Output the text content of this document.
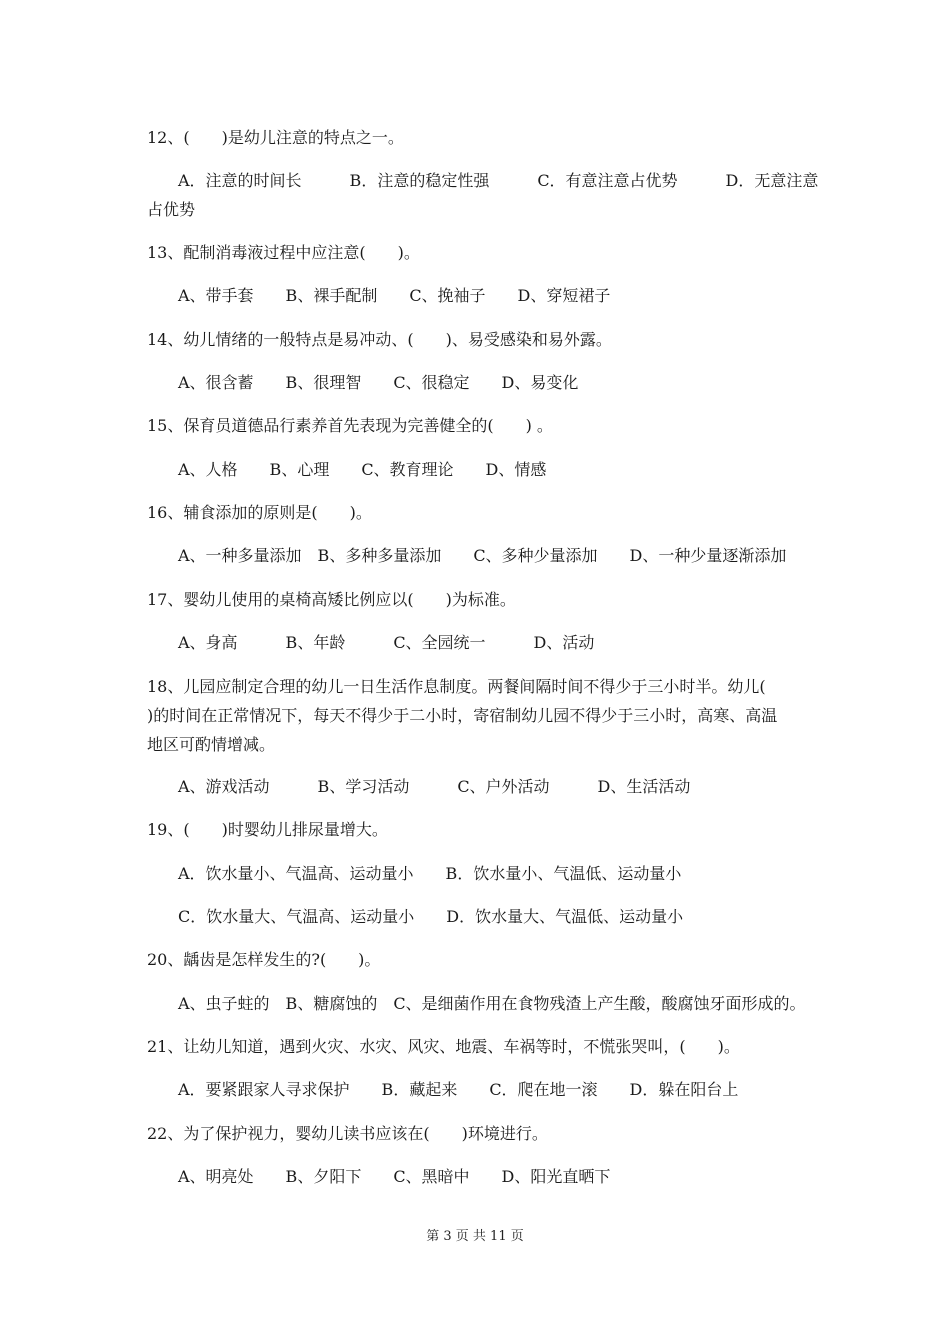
12、(　　)是幼儿注意的特点之一。
A．注意的时间长　　　B．注意的稳定性强　　　C．有意注意占优势　　　D．无意注意
占优势
13、配制消毒液过程中应注意(　　)。
A、带手套　　B、裸手配制　　C、挽袖子　　D、穿短裙子
14、幼儿情绪的一般特点是易冲动、(　　)、易受感染和易外露。
A、很含蓄　　B、很理智　　C、很稳定　　D、易变化
15、保育员道德品行素养首先表现为完善健全的(　　) 。
A、人格　　B、心理　　C、教育理论　　D、情感
16、辅食添加的原则是(　　)。
A、一种多量添加　B、多种多量添加　　C、多种少量添加　　D、一种少量逐渐添加
17、婴幼儿使用的桌椅高矮比例应以(　　)为标准。
A、身高　　　B、年龄　　　C、全园统一　　　D、活动
18、儿园应制定合理的幼儿一日生活作息制度。两餐间隔时间不得少于三小时半。幼儿(
)的时间在正常情况下，每天不得少于二小时，寄宿制幼儿园不得少于三小时，高寒、高温
地区可酌情增减。
A、游戏活动　　　B、学习活动　　　C、户外活动　　　D、生活活动
19、(　　)时婴幼儿排尿量增大。
A．饮水量小、气温高、运动量小　　B．饮水量小、气温低、运动量小
C．饮水量大、气温高、运动量小　　D．饮水量大、气温低、运动量小
20、龋齿是怎样发生的?(　　)。
A、虫子蛀的　B、糖腐蚀的　C、是细菌作用在食物残渣上产生酸，酸腐蚀牙面形成的。
21、让幼儿知道，遇到火灾、水灾、风灾、地震、车祸等时，不慌张哭叫，(　　)。
A．要紧跟家人寻求保护　　B．藏起来　　C．爬在地一滚　　D．躲在阳台上
22、为了保护视力，婴幼儿读书应该在(　　)环境进行。
A、明亮处　　B、夕阳下　　C、黑暗中　　D、阳光直晒下
第 3 页 共 11 页
